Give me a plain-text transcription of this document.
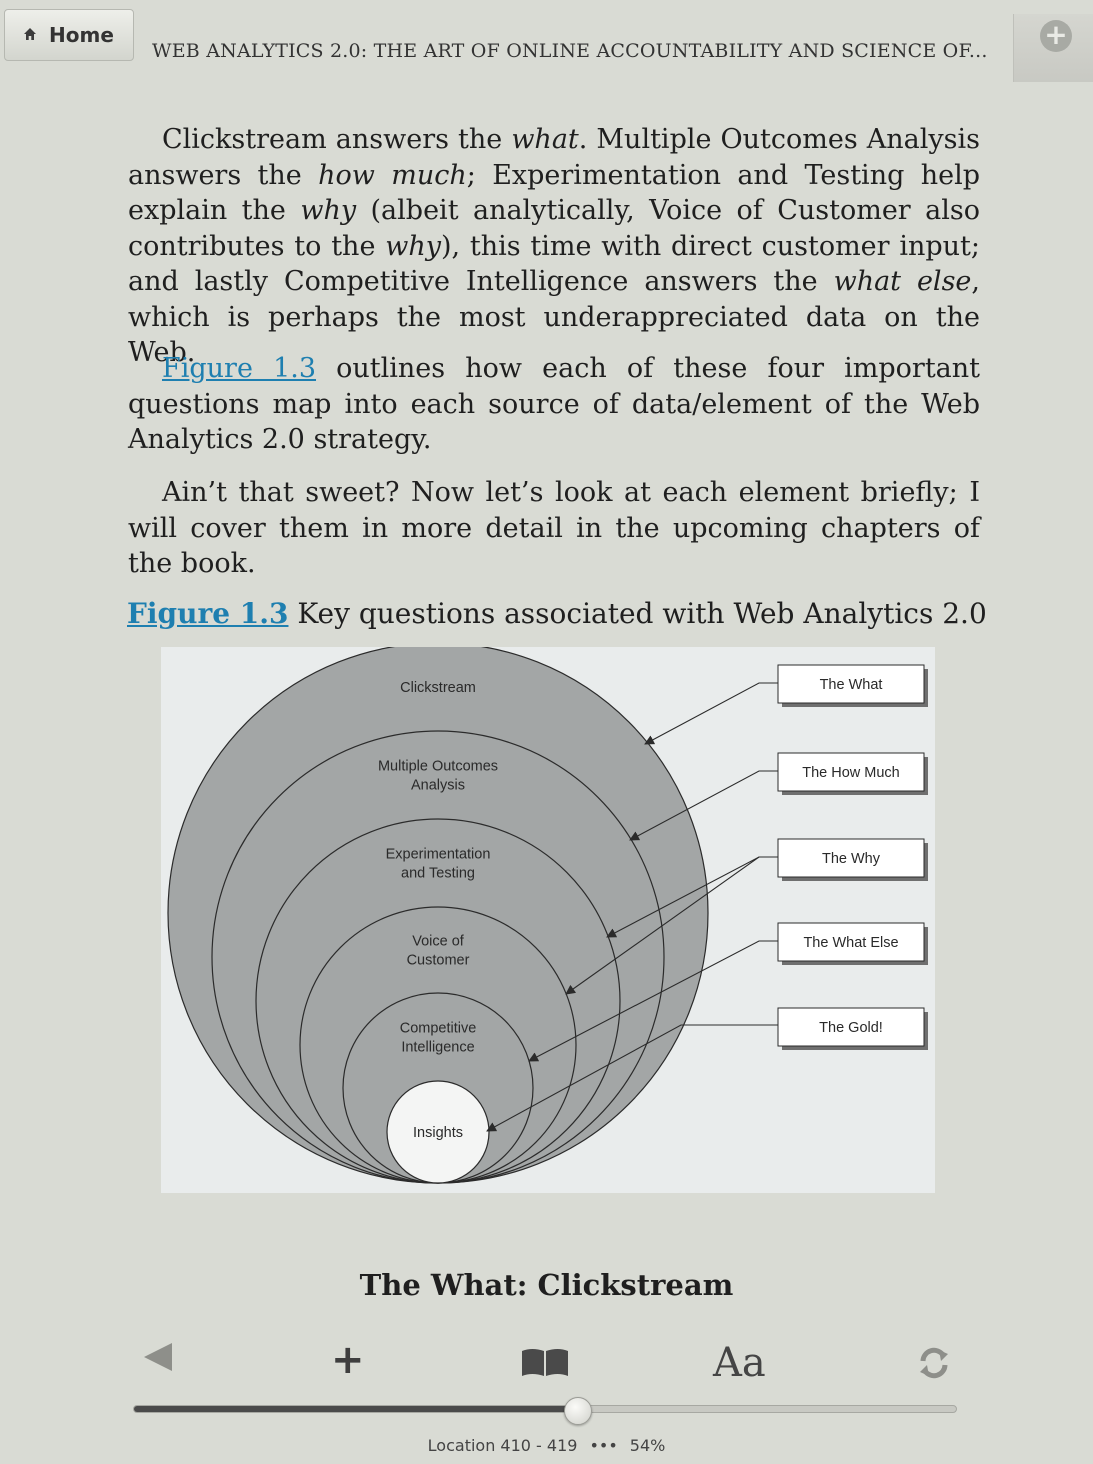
Home
WEB ANALYTICS 2.0: THE ART OF ONLINE ACCOUNTABILITY AND SCIENCE OF... +

Clickstream answers the what. Multiple Outcomes Analysis answers the how much; Experimentation and Testing help explain the why (albeit analytically, Voice of Customer also contributes to the why), this time with direct customer input; and lastly Competitive Intelligence answers the what else, which is perhaps the most underappreciated data on the Web.

Figure 1.3 outlines how each of these four important questions map into each source of data/element of the Web Analytics 2.0 strategy.

Ain’t that sweet? Now let’s look at each element briefly; I will cover them in more detail in the upcoming chapters of the book.

Figure 1.3 Key questions associated with Web Analytics 2.0
Clickstream
Multiple Outcomes
Analysis
Experimentation
and Testing
Voice of
Customer
Competitive
Intelligence
Insights
The What
The How Much
The Why
The What Else
The Gold!
The What: Clickstream
+	Aa
Location 410 - 419 ••• 54%
